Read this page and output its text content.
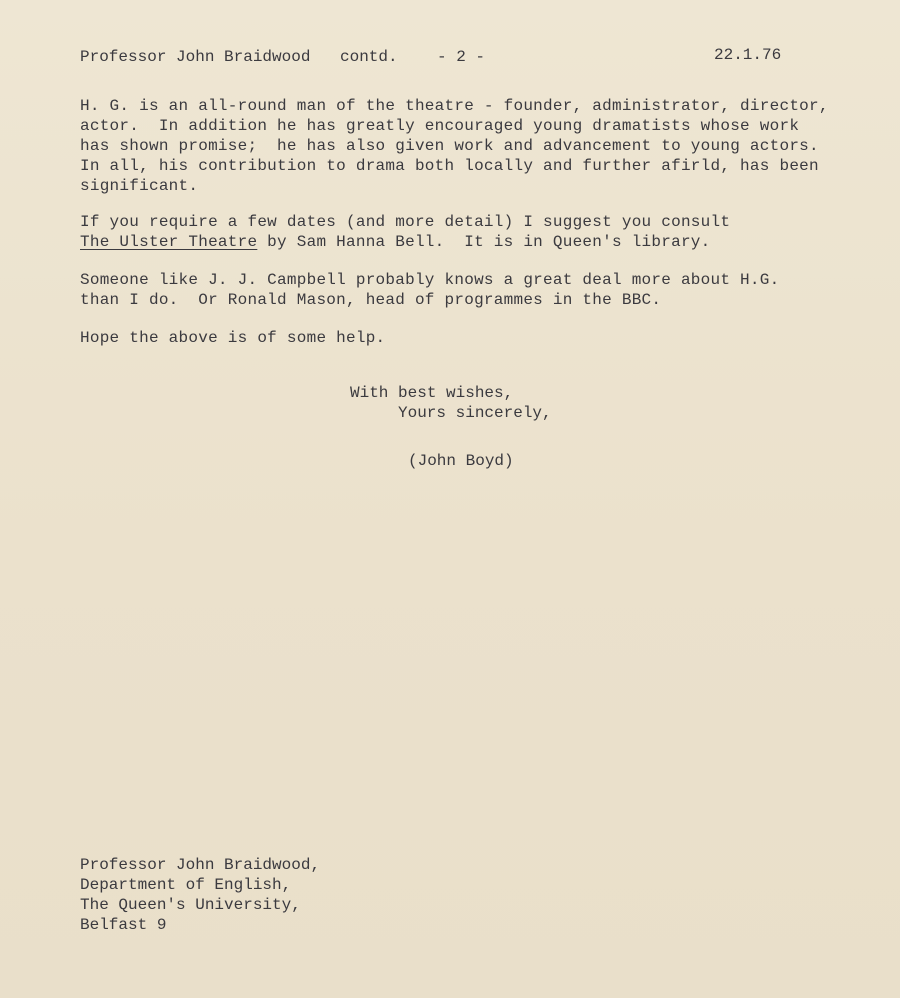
Professor John Braidwood contd. - 2 -	22.1.76
H. G. is an all-round man of the theatre - founder, administrator, director,
actor.  In addition he has greatly encouraged young dramatists whose work
has shown promise;  he has also given work and advancement to young actors.
In all, his contribution to drama both locally and further afirld, has been
significant.
If you require a few dates (and more detail) I suggest you consult
The Ulster Theatre by Sam Hanna Bell.  It is in Queen's library.
Someone like J. J. Campbell probably knows a great deal more about H.G.
than I do.  Or Ronald Mason, head of programmes in the BBC.
Hope the above is of some help.
With best wishes,
Yours sincerely,
(John Boyd)
Professor John Braidwood,
Department of English,
The Queen's University,
Belfast 9
